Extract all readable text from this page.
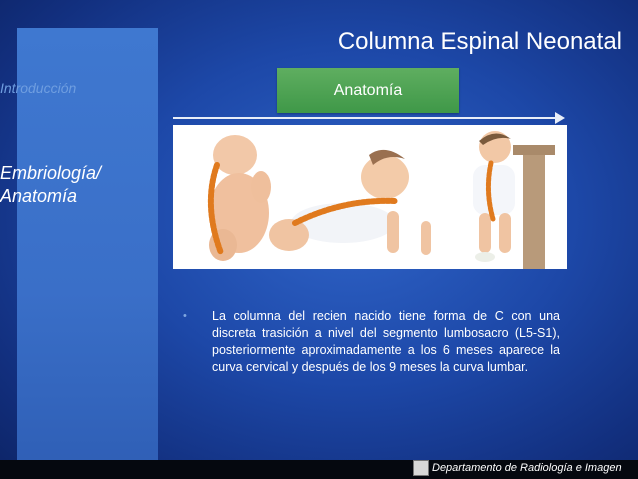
Introducción
Embriología/ Anatomía
Columna Espinal Neonatal
Anatomía
• La columna del recien nacido tiene forma de C con una discreta trasición a nivel del segmento lumbosacro (L5-S1), posteriormente aproximadamente a los 6 meses aparece la curva cervical y después de los 9 meses la curva lumbar.
Departamento de Radiología e Imagen
